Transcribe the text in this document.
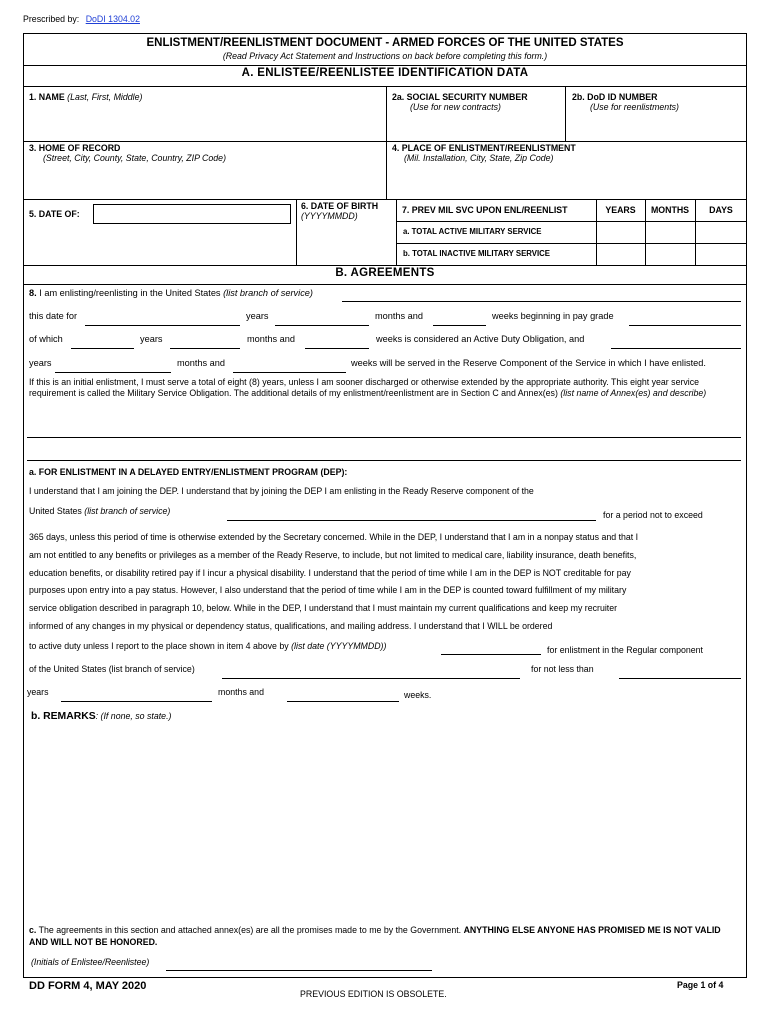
Prescribed by: DoDI 1304.02
ENLISTMENT/REENLISTMENT DOCUMENT - ARMED FORCES OF THE UNITED STATES
(Read Privacy Act Statement and Instructions on back before completing this form.)
A. ENLISTEE/REENLISTEE IDENTIFICATION DATA
1. NAME (Last, First, Middle)	2a. SOCIAL SECURITY NUMBER
(Use for new contracts)
2b. DoD ID NUMBER
(Use for reenlistments)
3. HOME OF RECORD
(Street, City, County, State, Country, ZIP Code)
4. PLACE OF ENLISTMENT/REENLISTMENT
(Mil. Installation, City, State, Zip Code)
5. DATE OF:
6. DATE OF BIRTH
(YYYYMMDD)
7. PREV MIL SVC UPON ENL/REENLIST	YEARS	MONTHS	DAYS
a. TOTAL ACTIVE MILITARY SERVICE
b. TOTAL INACTIVE MILITARY SERVICE
B. AGREEMENTS
8. I am enlisting/reenlisting in the United States (list branch of service)
this date for	years	months and	weeks beginning in pay grade
of which	years	months and	weeks is considered an Active Duty Obligation, and
years	months and	weeks will be served in the Reserve Component of the Service in which I have enlisted.
If this is an initial enlistment, I must serve a total of eight (8) years, unless I am sooner discharged or otherwise extended by the appropriate authority. This eight year service requirement is called the Military Service Obligation. The additional details of my enlistment/reenlistment are in Section C and Annex(es) (list name of Annex(es) and describe)
a. FOR ENLISTMENT IN A DELAYED ENTRY/ENLISTMENT PROGRAM (DEP):
I understand that I am joining the DEP. I understand that by joining the DEP I am enlisting in the Ready Reserve component of the
United States (list branch of service)	for a period not to exceed
365 days, unless this period of time is otherwise extended by the Secretary concerned. While in the DEP, I understand that I am in a nonpay status and that I
am not entitled to any benefits or privileges as a member of the Ready Reserve, to include, but not limited to medical care, liability insurance, death benefits,
education benefits, or disability retired pay if I incur a physical disability. I understand that the period of time while I am in the DEP is NOT creditable for pay
purposes upon entry into a pay status. However, I also understand that the period of time while I am in the DEP is counted toward fulfillment of my military
service obligation described in paragraph 10, below. While in the DEP, I understand that I must maintain my current qualifications and keep my recruiter
informed of any changes in my physical or dependency status, qualifications, and mailing address. I understand that I WILL be ordered
to active duty unless I report to the place shown in item 4 above by (list date (YYYYMMDD))	for enlistment in the Regular component
of the United States (list branch of service)	for not less than
years	months and	weeks.
b. REMARKS: (If none, so state.)
c. The agreements in this section and attached annex(es) are all the promises made to me by the Government. ANYTHING ELSE ANYONE HAS PROMISED ME IS NOT VALID AND WILL NOT BE HONORED.
(Initials of Enlistee/Reenlistee)
DD FORM 4, MAY 2020
PREVIOUS EDITION IS OBSOLETE.
Page 1 of 4
